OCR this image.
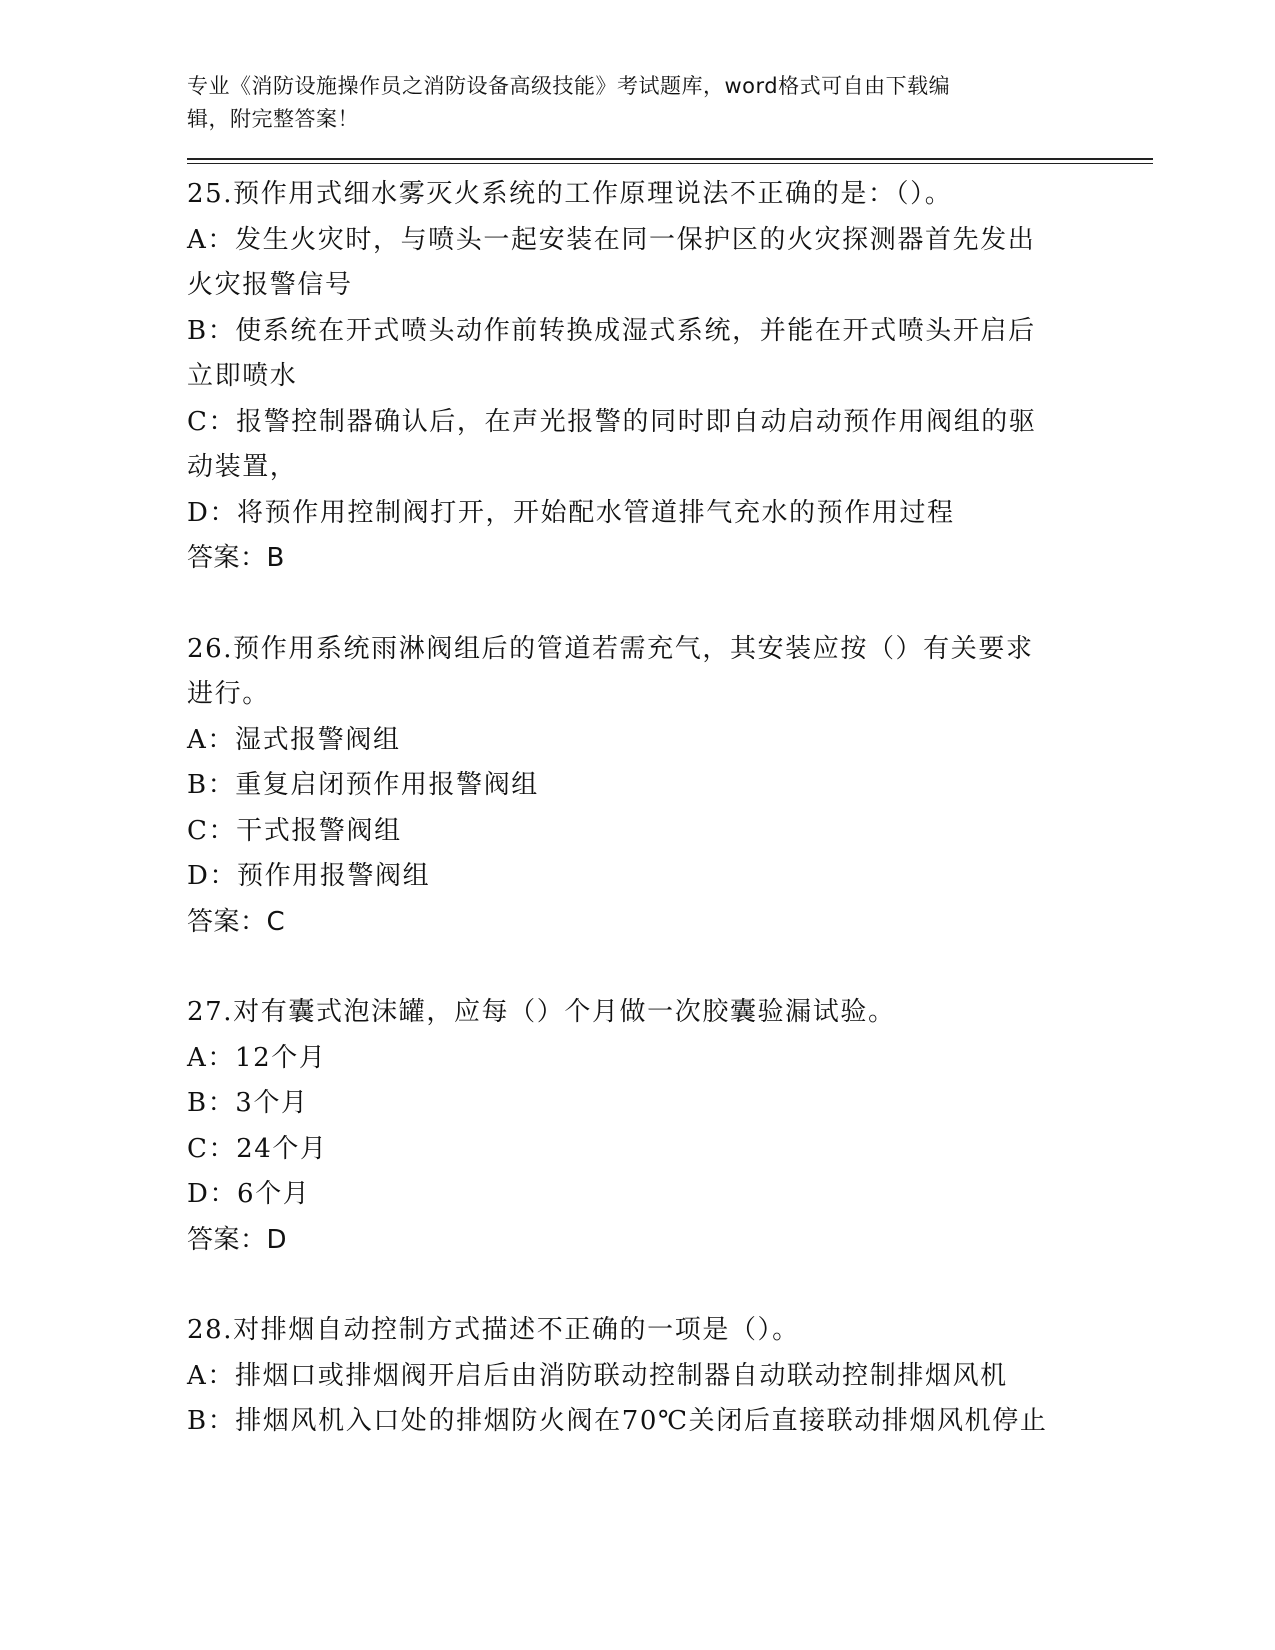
专业《消防设施操作员之消防设备高级技能》考试题库，word格式可自由下载编
辑，附完整答案！
25.预作用式细水雾灭火系统的工作原理说法不正确的是：（）。
A：发生火灾时，与喷头一起安装在同一保护区的火灾探测器首先发出
火灾报警信号
B：使系统在开式喷头动作前转换成湿式系统，并能在开式喷头开启后
立即喷水
C：报警控制器确认后，在声光报警的同时即自动启动预作用阀组的驱
动装置，
D：将预作用控制阀打开，开始配水管道排气充水的预作用过程
答案：B
26.预作用系统雨淋阀组后的管道若需充气，其安装应按（）有关要求
进行。
A：湿式报警阀组
B：重复启闭预作用报警阀组
C：干式报警阀组
D：预作用报警阀组
答案：C
27.对有囊式泡沫罐，应每（）个月做一次胶囊验漏试验。
A：12个月
B：3个月
C：24个月
D：6个月
答案：D
28.对排烟自动控制方式描述不正确的一项是（）。
A：排烟口或排烟阀开启后由消防联动控制器自动联动控制排烟风机
B：排烟风机入口处的排烟防火阀在70℃关闭后直接联动排烟风机停止
